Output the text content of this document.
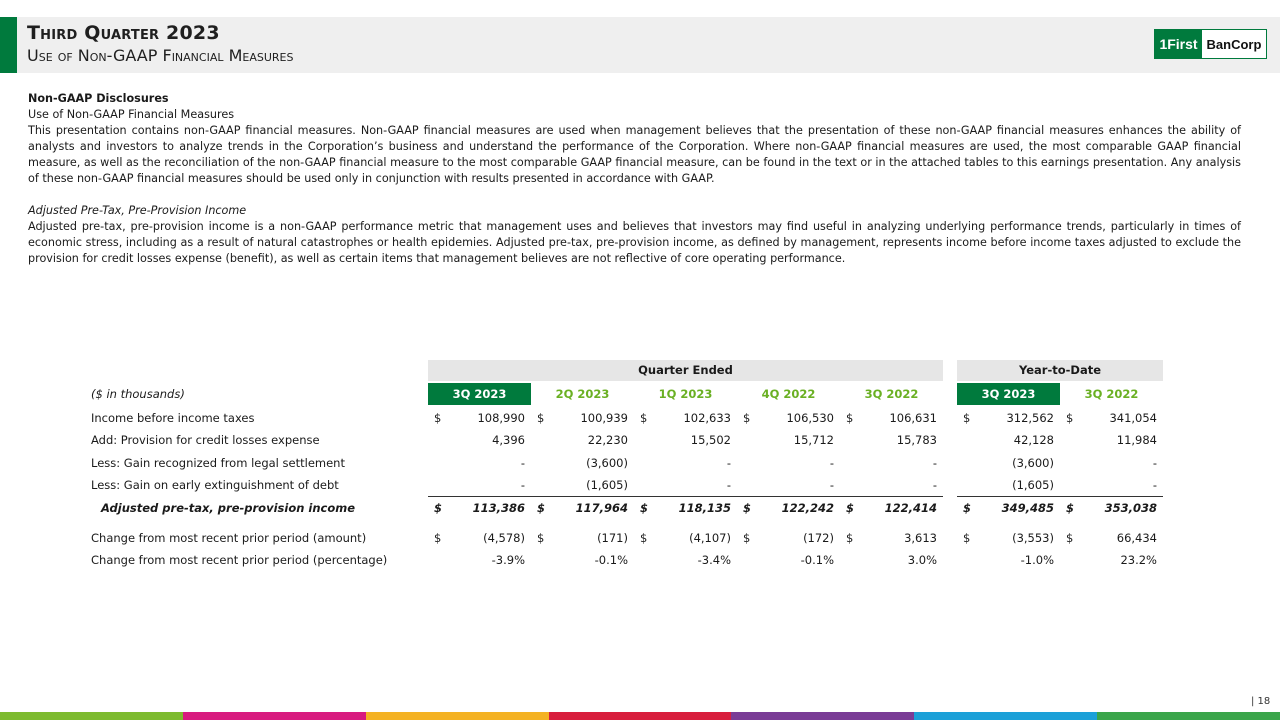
Third Quarter 2023
Use of Non-GAAP Financial Measures
1First BanCorp

Non-GAAP Disclosures

Use of Non-GAAP Financial Measures

This presentation contains non-GAAP financial measures. Non-GAAP financial measures are used when management believes that the presentation of these non-GAAP financial measures enhances the ability of analysts and investors to analyze trends in the Corporation’s business and understand the performance of the Corporation. Where non-GAAP financial measures are used, the most comparable GAAP financial measure, as well as the reconciliation of the non-GAAP financial measure to the most comparable GAAP financial measure, can be found in the text or in the attached tables to this earnings presentation. Any analysis of these non-GAAP financial measures should be used only in conjunction with results presented in accordance with GAAP.

Adjusted Pre-Tax, Pre-Provision Income

Adjusted pre-tax, pre-provision income is a non-GAAP performance metric that management uses and believes that investors may find useful in analyzing underlying performance trends, particularly in times of economic stress, including as a result of natural catastrophes or health epidemies. Adjusted pre-tax, pre-provision income, as defined by management, represents income before income taxes adjusted to exclude the provision for credit losses expense (benefit), as well as certain items that management believes are not reflective of core operating performance.

Quarter Ended	Year-to-Date
($ in thousands)	3Q 2023	2Q 2023	1Q 2023	4Q 2022	3Q 2022	3Q 2023	3Q 2022
Income before income taxes	$	108,990 $	100,939 $	102,633 $	106,530 $	106,631 $	312,562 $	341,054
Add: Provision for credit losses expense	4,396	22,230	15,502	15,712	15,783	42,128	11,984
Less: Gain recognized from legal settlement	-	(3,600)	-	-	-	(3,600)	-
Less: Gain on early extinguishment of debt	-	(1,605)	-	-	-	(1,605)	-
Adjusted pre-tax, pre-provision income	$	113,386 $	117,964 $	118,135 $	122,242 $	122,414 $	349,485 $	353,038
Change from most recent prior period (amount)	$	(4,578) $	(171) $	(4,107) $	(172) $	3,613 $	(3,553) $	66,434
Change from most recent prior period (percentage)	-3.9%	-0.1%	-3.4%	-0.1%	3.0%	-1.0%	23.2%
| 18
